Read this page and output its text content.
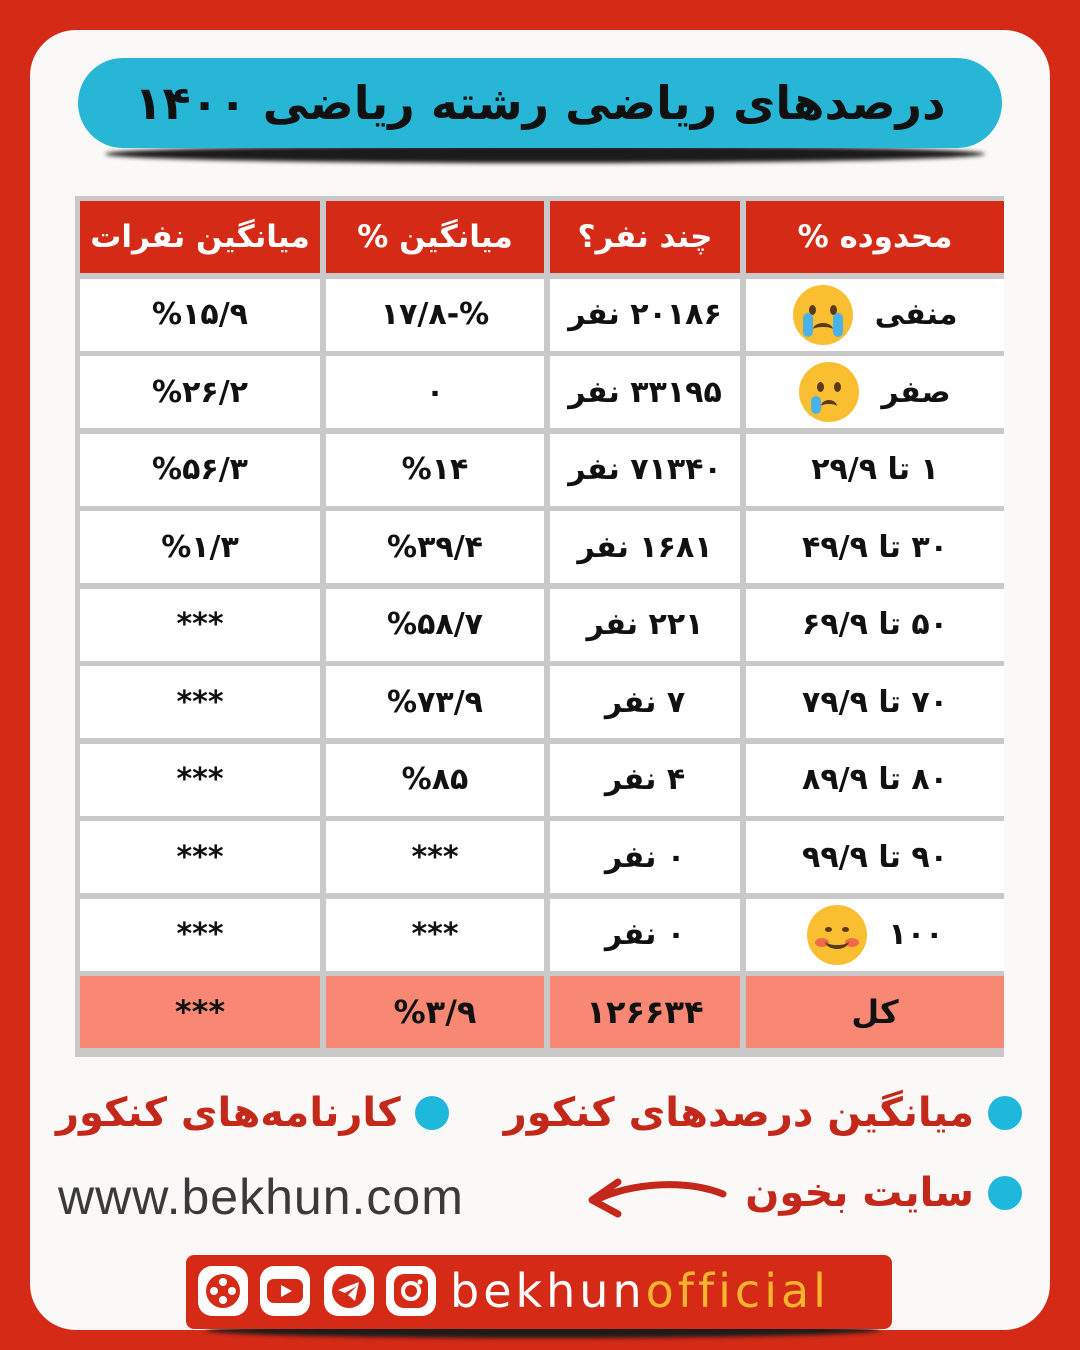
درصدهای ریاضی رشته ریاضی ۱۴۰۰
میانگین نفرات	میانگین %	چند نفر؟	محدوده %
%۱۵/۹	%-۱۷/۸	۲۰۱۸۶ نفر	منفی
%۲۶/۲	۰	۳۳۱۹۵ نفر	صفر
%۵۶/۳	%۱۴	۷۱۳۴۰ نفر	۱ تا ۲۹/۹
%۱/۳	%۳۹/۴	۱۶۸۱ نفر	۳۰ تا ۴۹/۹
***	%۵۸/۷	۲۲۱ نفر	۵۰ تا ۶۹/۹
***	%۷۳/۹	۷ نفر	۷۰ تا ۷۹/۹
***	%۸۵	۴ نفر	۸۰ تا ۸۹/۹
***	***	۰ نفر	۹۰ تا ۹۹/۹
***	***	۰ نفر	۱۰۰
***	%۳/۹	۱۲۶۶۳۴	کل
میانگین درصدهای کنکور
کارنامه‌های کنکور
سایت بخون
www.bekhun.com
bekhunofficial
